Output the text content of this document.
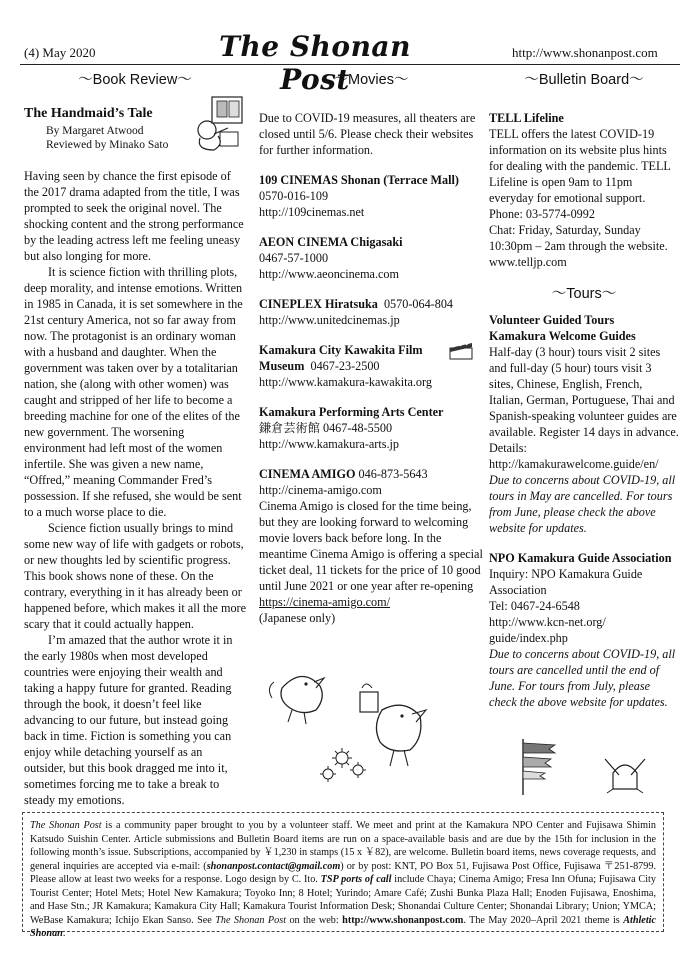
(4) May 2020	The Shonan Post
http://www.shonanpost.com
～Book Review～
The Handmaid’s Tale
By Margaret Atwood
Reviewed by Minako Sato

Having seen by chance the first episode of the 2017 drama adapted from the title, I was prompted to seek the original novel. The shocking content and the strong performance by the leading actress left me feeling uneasy but also longing for more.

It is science fiction with thrilling plots, deep morality, and intense emotions. Written in 1985 in Canada, it is set somewhere in the 21st century America, not so far away from now. The protagonist is an ordinary woman with a husband and daughter. When the government was taken over by a totalitarian nation, she (along with other women) was caught and stripped of her life to become a breeding machine for one of the elites of the new government. The worsening environment had left most of the women infertile. She was given a new name, “Offred,” meaning Commander Fred’s possession. If she refused, she would be sent to a much worse place to die.

Science fiction usually brings to mind some new way of life with gadgets or robots, or new thoughts led by scientific progress. This book shows none of these. On the contrary, everything in it has already been or happened before, which makes it all the more scary that it could actually happen.

I’m amazed that the author wrote it in the early 1980s when most developed countries were enjoying their wealth and taking a happy future for granted. Reading through the book, it doesn’t feel like advancing to our future, but instead going back in time. Fiction is something you can enjoy while detaching yourself as an outsider, but this book dragged me into it, sometimes forcing me to take a break to steady my emotions.

～Movies～

Due to COVID-19 measures, all theaters are closed until 5/6. Please check their websites for further information.

109 CINEMAS Shonan (Terrace Mall)
0570-016-109
http://109cinemas.net
AEON CINEMA Chigasaki
0467-57-1000
http://www.aeoncinema.com
CINEPLEX Hiratsuka 0570-064-804
http://www.unitedcinemas.jp
Kamakura City Kawakita Film Museum 0467-23-2500
http://www.kamakura-kawakita.org
Kamakura Performing Arts Center
鎌倉芸術館 0467-48-5500
http://www.kamakura-arts.jp
CINEMA AMIGO 046-873-5643
http://cinema-amigo.com
Cinema Amigo is closed for the time being, but they are looking forward to welcoming movie lovers back before long. In the meantime Cinema Amigo is offering a special ticket deal, 11 tickets for the price of 10 good until June 2021 or one year after re-opening
https://cinema-amigo.com/
(Japanese only)
～Bulletin Board～
TELL Lifeline
TELL offers the latest COVID-19 information on its website plus hints for dealing with the pandemic. TELL Lifeline is open 9am to 11pm everyday for emotional support.
Phone: 03-5774-0992
Chat: Friday, Saturday, Sunday 10:30pm – 2am through the website.
www.telljp.com
～Tours～
Volunteer Guided Tours
Kamakura Welcome Guides
Half-day (3 hour) tours visit 2 sites and full-day (5 hour) tours visit 3 sites, Chinese, English, French, Italian, German, Portuguese, Thai and Spanish-speaking volunteer guides are available. Register 14 days in advance. Details:
http://kamakurawelcome.guide/en/
Due to concerns about COVID-19, all tours in May are cancelled. For tours from June, please check the above website for updates.
NPO Kamakura Guide Association
Inquiry: NPO Kamakura Guide Association
Tel: 0467-24-6548
http://www.kcn-net.org/ guide/index.php
Due to concerns about COVID-19, all tours are cancelled until the end of June. For tours from July, please check the above website for updates.
The Shonan Post is a community paper brought to you by a volunteer staff. We meet and print at the Kamakura NPO Center and Fujisawa Shimin Katsudo Suishin Center. Article submissions and Bulletin Board items are run on a space-available basis and are due by the 15th for inclusion in the following month’s issue. Subscriptions, accompanied by ￥1,230 in stamps (15 x ￥82), are welcome. Bulletin board items, news coverage requests, and general inquiries are accepted via e-mail: (shonanpost.contact@gmail.com) or by post: KNT, PO Box 51, Fujisawa Post Office, Fujisawa 〒251-8799. Please allow at least two weeks for a response. Logo design by C. Ito. TSP ports of call include Chaya; Cinema Amigo; Fresa Inn Ofuna; Fujisawa City Tourist Center; Hotel Mets; Hotel New Kamakura; Toyoko Inn; 8 Hotel; Yurindo; Amare Café; Zushi Bunka Plaza Hall; Enoden Fujisawa, Enoshima, and Hase Stn.; JR Kamakura; Kamakura City Hall; Kamakura Tourist Information Desk; Shonandai Culture Center; Shonandai Library; Union; YMCA; WeBase Kamakura; Ichijo Ekan Sanso. See The Shonan Post on the web: http://www.shonanpost.com. The May 2020–April 2021 theme is Athletic Shonan.
